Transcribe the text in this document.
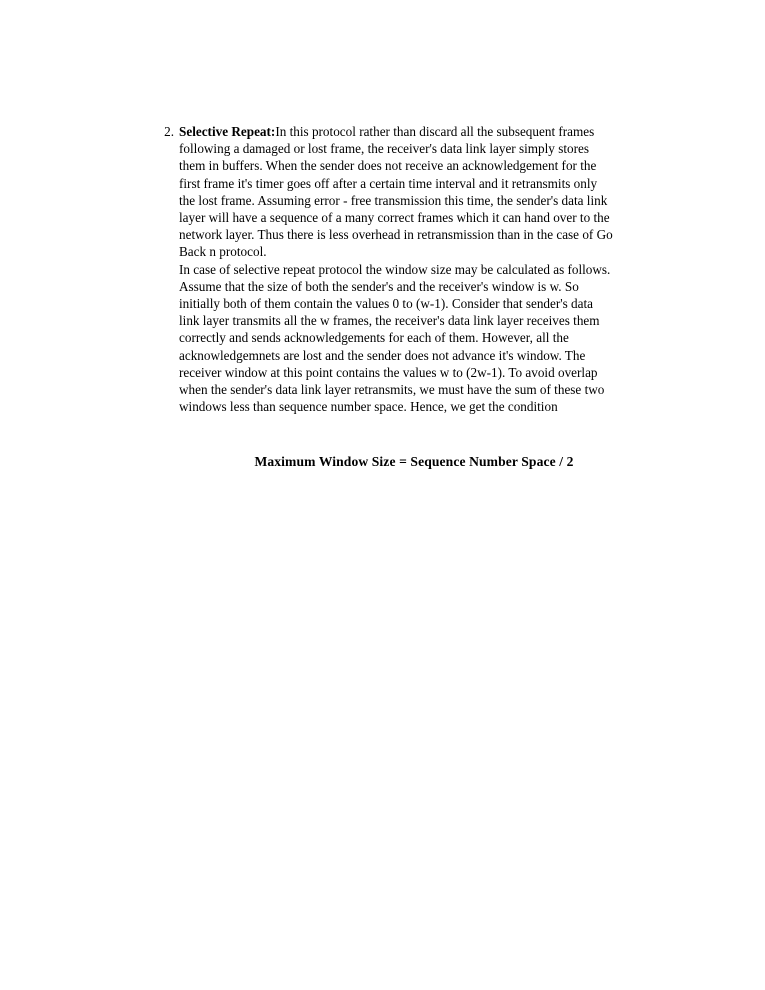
2. Selective Repeat:In this protocol rather than discard all the subsequent frames
following a damaged or lost frame, the receiver's data link layer simply stores
them in buffers. When the sender does not receive an acknowledgement for the
first frame it's timer goes off after a certain time interval and it retransmits only
the lost frame. Assuming error - free transmission this time, the sender's data link
layer will have a sequence of a many correct frames which it can hand over to the
network layer. Thus there is less overhead in retransmission than in the case of Go
Back n protocol.
In case of selective repeat protocol the window size may be calculated as follows.
Assume that the size of both the sender's and the receiver's window is w. So
initially both of them contain the values 0 to (w-1). Consider that sender's data
link layer transmits all the w frames, the receiver's data link layer receives them
correctly and sends acknowledgements for each of them. However, all the
acknowledgemnets are lost and the sender does not advance it's window. The
receiver window at this point contains the values w to (2w-1). To avoid overlap
when the sender's data link layer retransmits, we must have the sum of these two
windows less than sequence number space. Hence, we get the condition
Maximum Window Size = Sequence Number Space / 2
